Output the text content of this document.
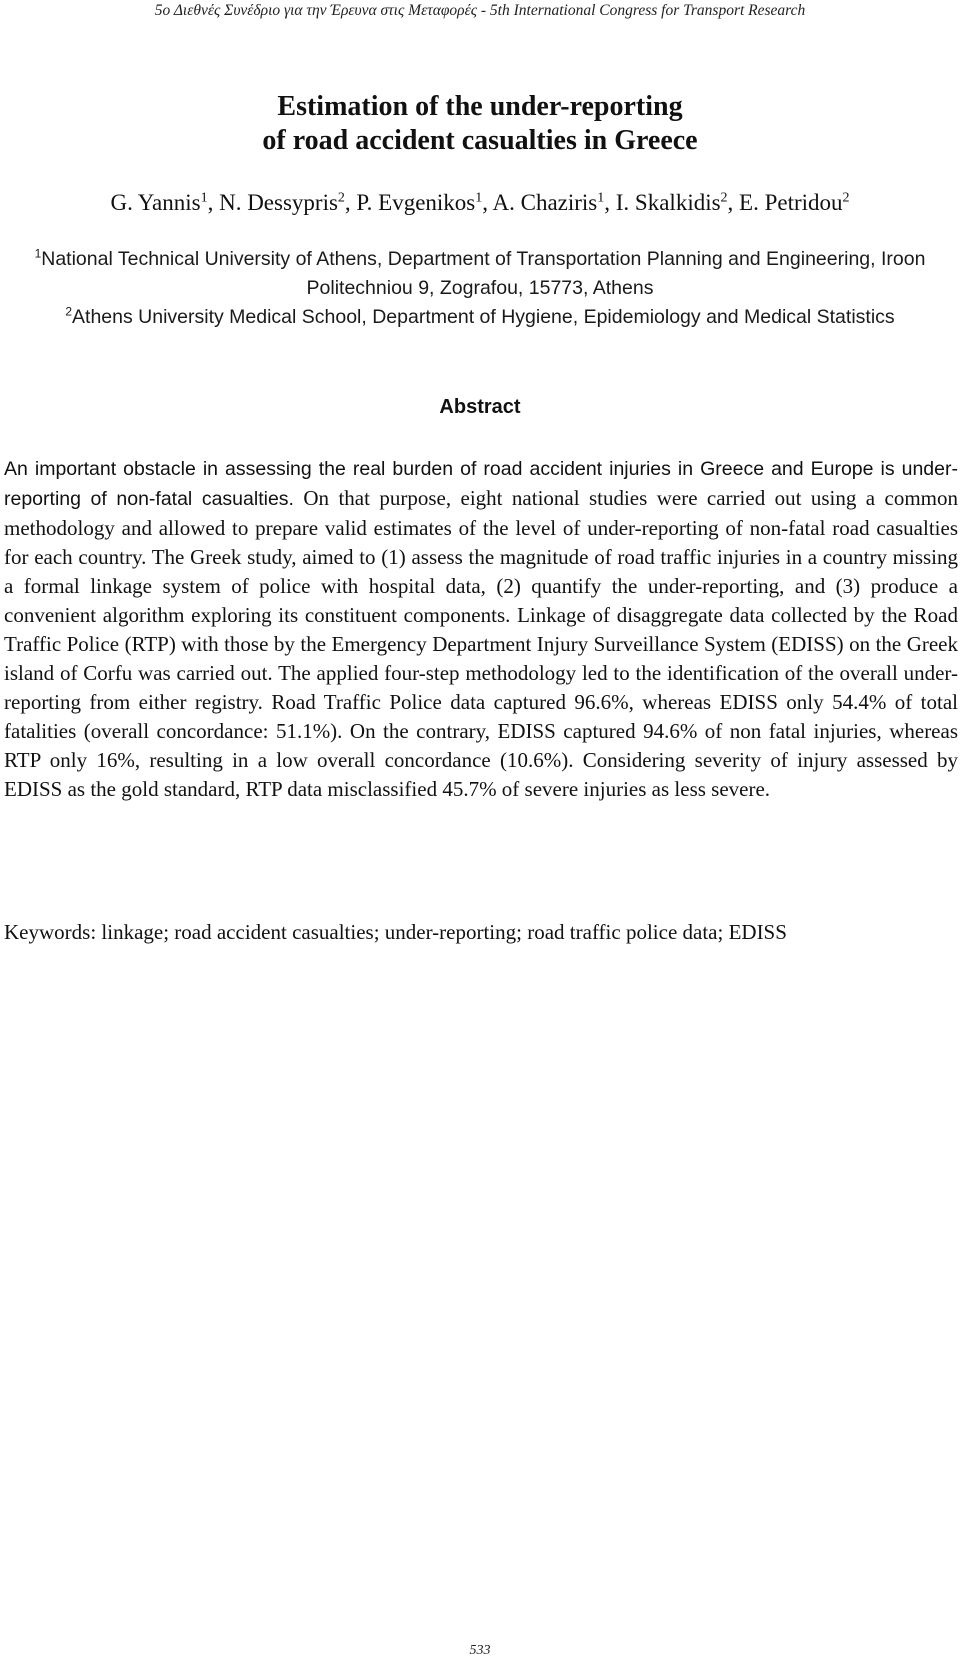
5ο Διεθνές Συνέδριο για την Έρευνα στις Μεταφορές - 5th International Congress for Transport Research
Estimation of the under-reporting
of road accident casualties in Greece
G. Yannis$^1$, N. Dessypris$^2$, P. Evgenikos$^1$, A. Chaziris$^1$, I. Skalkidis$^2$, E. Petridou$^2$
$^1$National Technical University of Athens, Department of Transportation Planning and Engineering, Iroon Politechniou 9, Zografou, 15773, Athens
$^2$Athens University Medical School, Department of Hygiene, Epidemiology and Medical Statistics
Abstract
An important obstacle in assessing the real burden of road accident injuries in Greece and Europe is under-reporting of non-fatal casualties. On that purpose, eight national studies were carried out using a common methodology and allowed to prepare valid estimates of the level of under-reporting of non-fatal road casualties for each country. The Greek study, aimed to (1) assess the magnitude of road traffic injuries in a country missing a formal linkage system of police with hospital data, (2) quantify the under-reporting, and (3) produce a convenient algorithm exploring its constituent components. Linkage of disaggregate data collected by the Road Traffic Police (RTP) with those by the Emergency Department Injury Surveillance System (EDISS) on the Greek island of Corfu was carried out. The applied four-step methodology led to the identification of the overall under-reporting from either registry. Road Traffic Police data captured 96.6%, whereas EDISS only 54.4% of total fatalities (overall concordance: 51.1%). On the contrary, EDISS captured 94.6% of non fatal injuries, whereas RTP only 16%, resulting in a low overall concordance (10.6%). Considering severity of injury assessed by EDISS as the gold standard, RTP data misclassified 45.7% of severe injuries as less severe.
Keywords: linkage; road accident casualties; under-reporting; road traffic police data; EDISS
533
